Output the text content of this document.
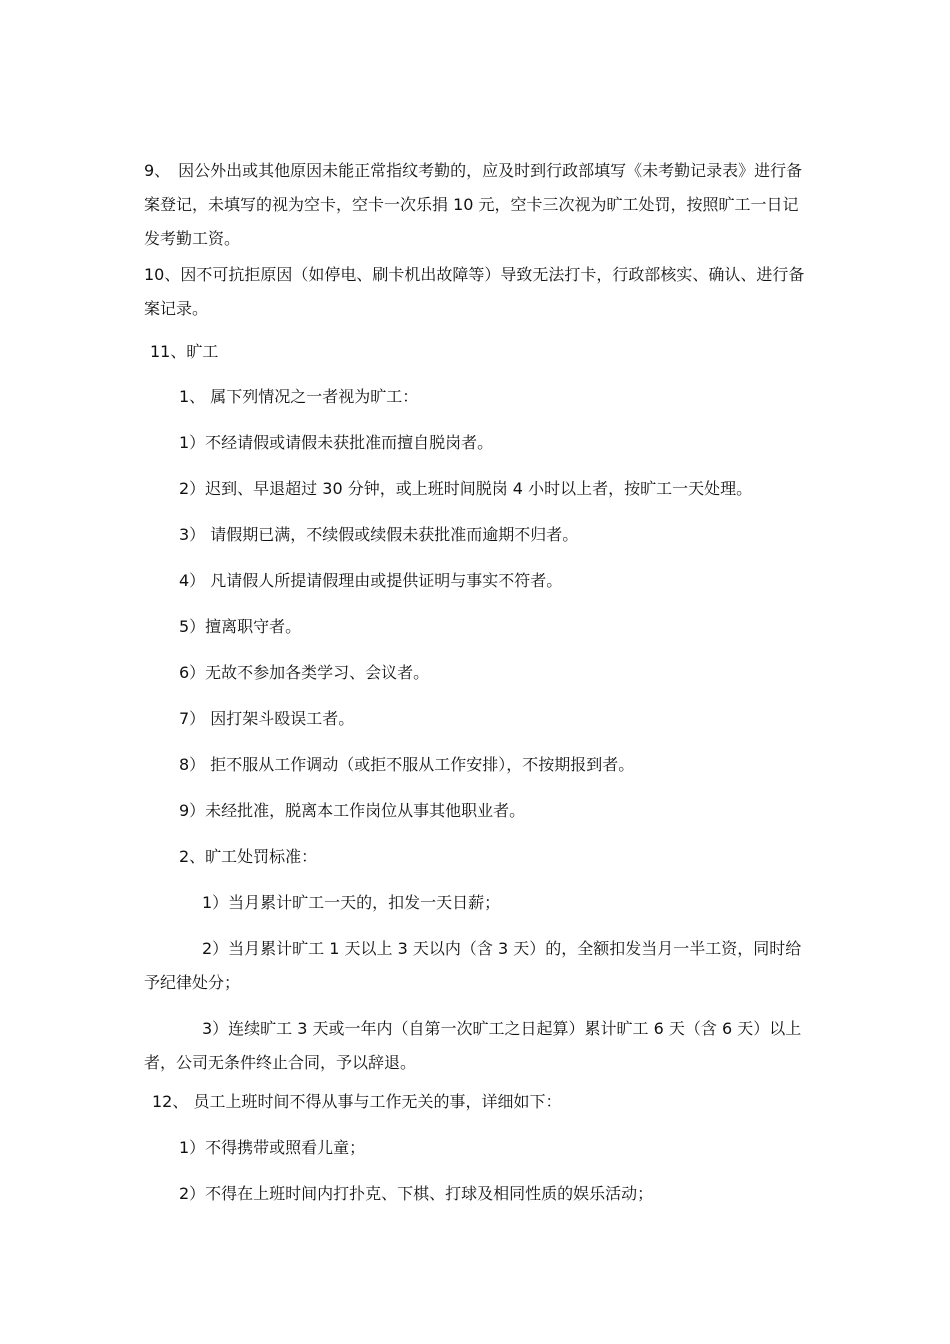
9、　因公外出或其他原因未能正常指纹考勤的，应及时到行政部填写《未考勤记录表》进行备案登记，未填写的视为空卡，空卡一次乐捐 10 元，空卡三次视为旷工处罚，按照旷工一日记发考勤工资。

10、因不可抗拒原因（如停电、刷卡机出故障等）导致无法打卡，行政部核实、确认、进行备案记录。

11、旷工

1、 属下列情况之一者视为旷工：

1）不经请假或请假未获批准而擅自脱岗者。

2）迟到、早退超过 30 分钟，或上班时间脱岗 4 小时以上者，按旷工一天处理。

3） 请假期已满，不续假或续假未获批准而逾期不归者。

4） 凡请假人所提请假理由或提供证明与事实不符者。

5）擅离职守者。

6）无故不参加各类学习、会议者。

7） 因打架斗殴误工者。

8） 拒不服从工作调动（或拒不服从工作安排），不按期报到者。

9）未经批准，脱离本工作岗位从事其他职业者。

2、旷工处罚标准：

1）当月累计旷工一天的，扣发一天日薪；

2）当月累计旷工 1 天以上 3 天以内（含 3 天）的，全额扣发当月一半工资，同时给予纪律处分；

3）连续旷工 3 天或一年内（自第一次旷工之日起算）累计旷工 6 天（含 6 天）以上者，公司无条件终止合同，予以辞退。

12、 员工上班时间不得从事与工作无关的事，详细如下：

1）不得携带或照看儿童；

2）不得在上班时间内打扑克、下棋、打球及相同性质的娱乐活动；
